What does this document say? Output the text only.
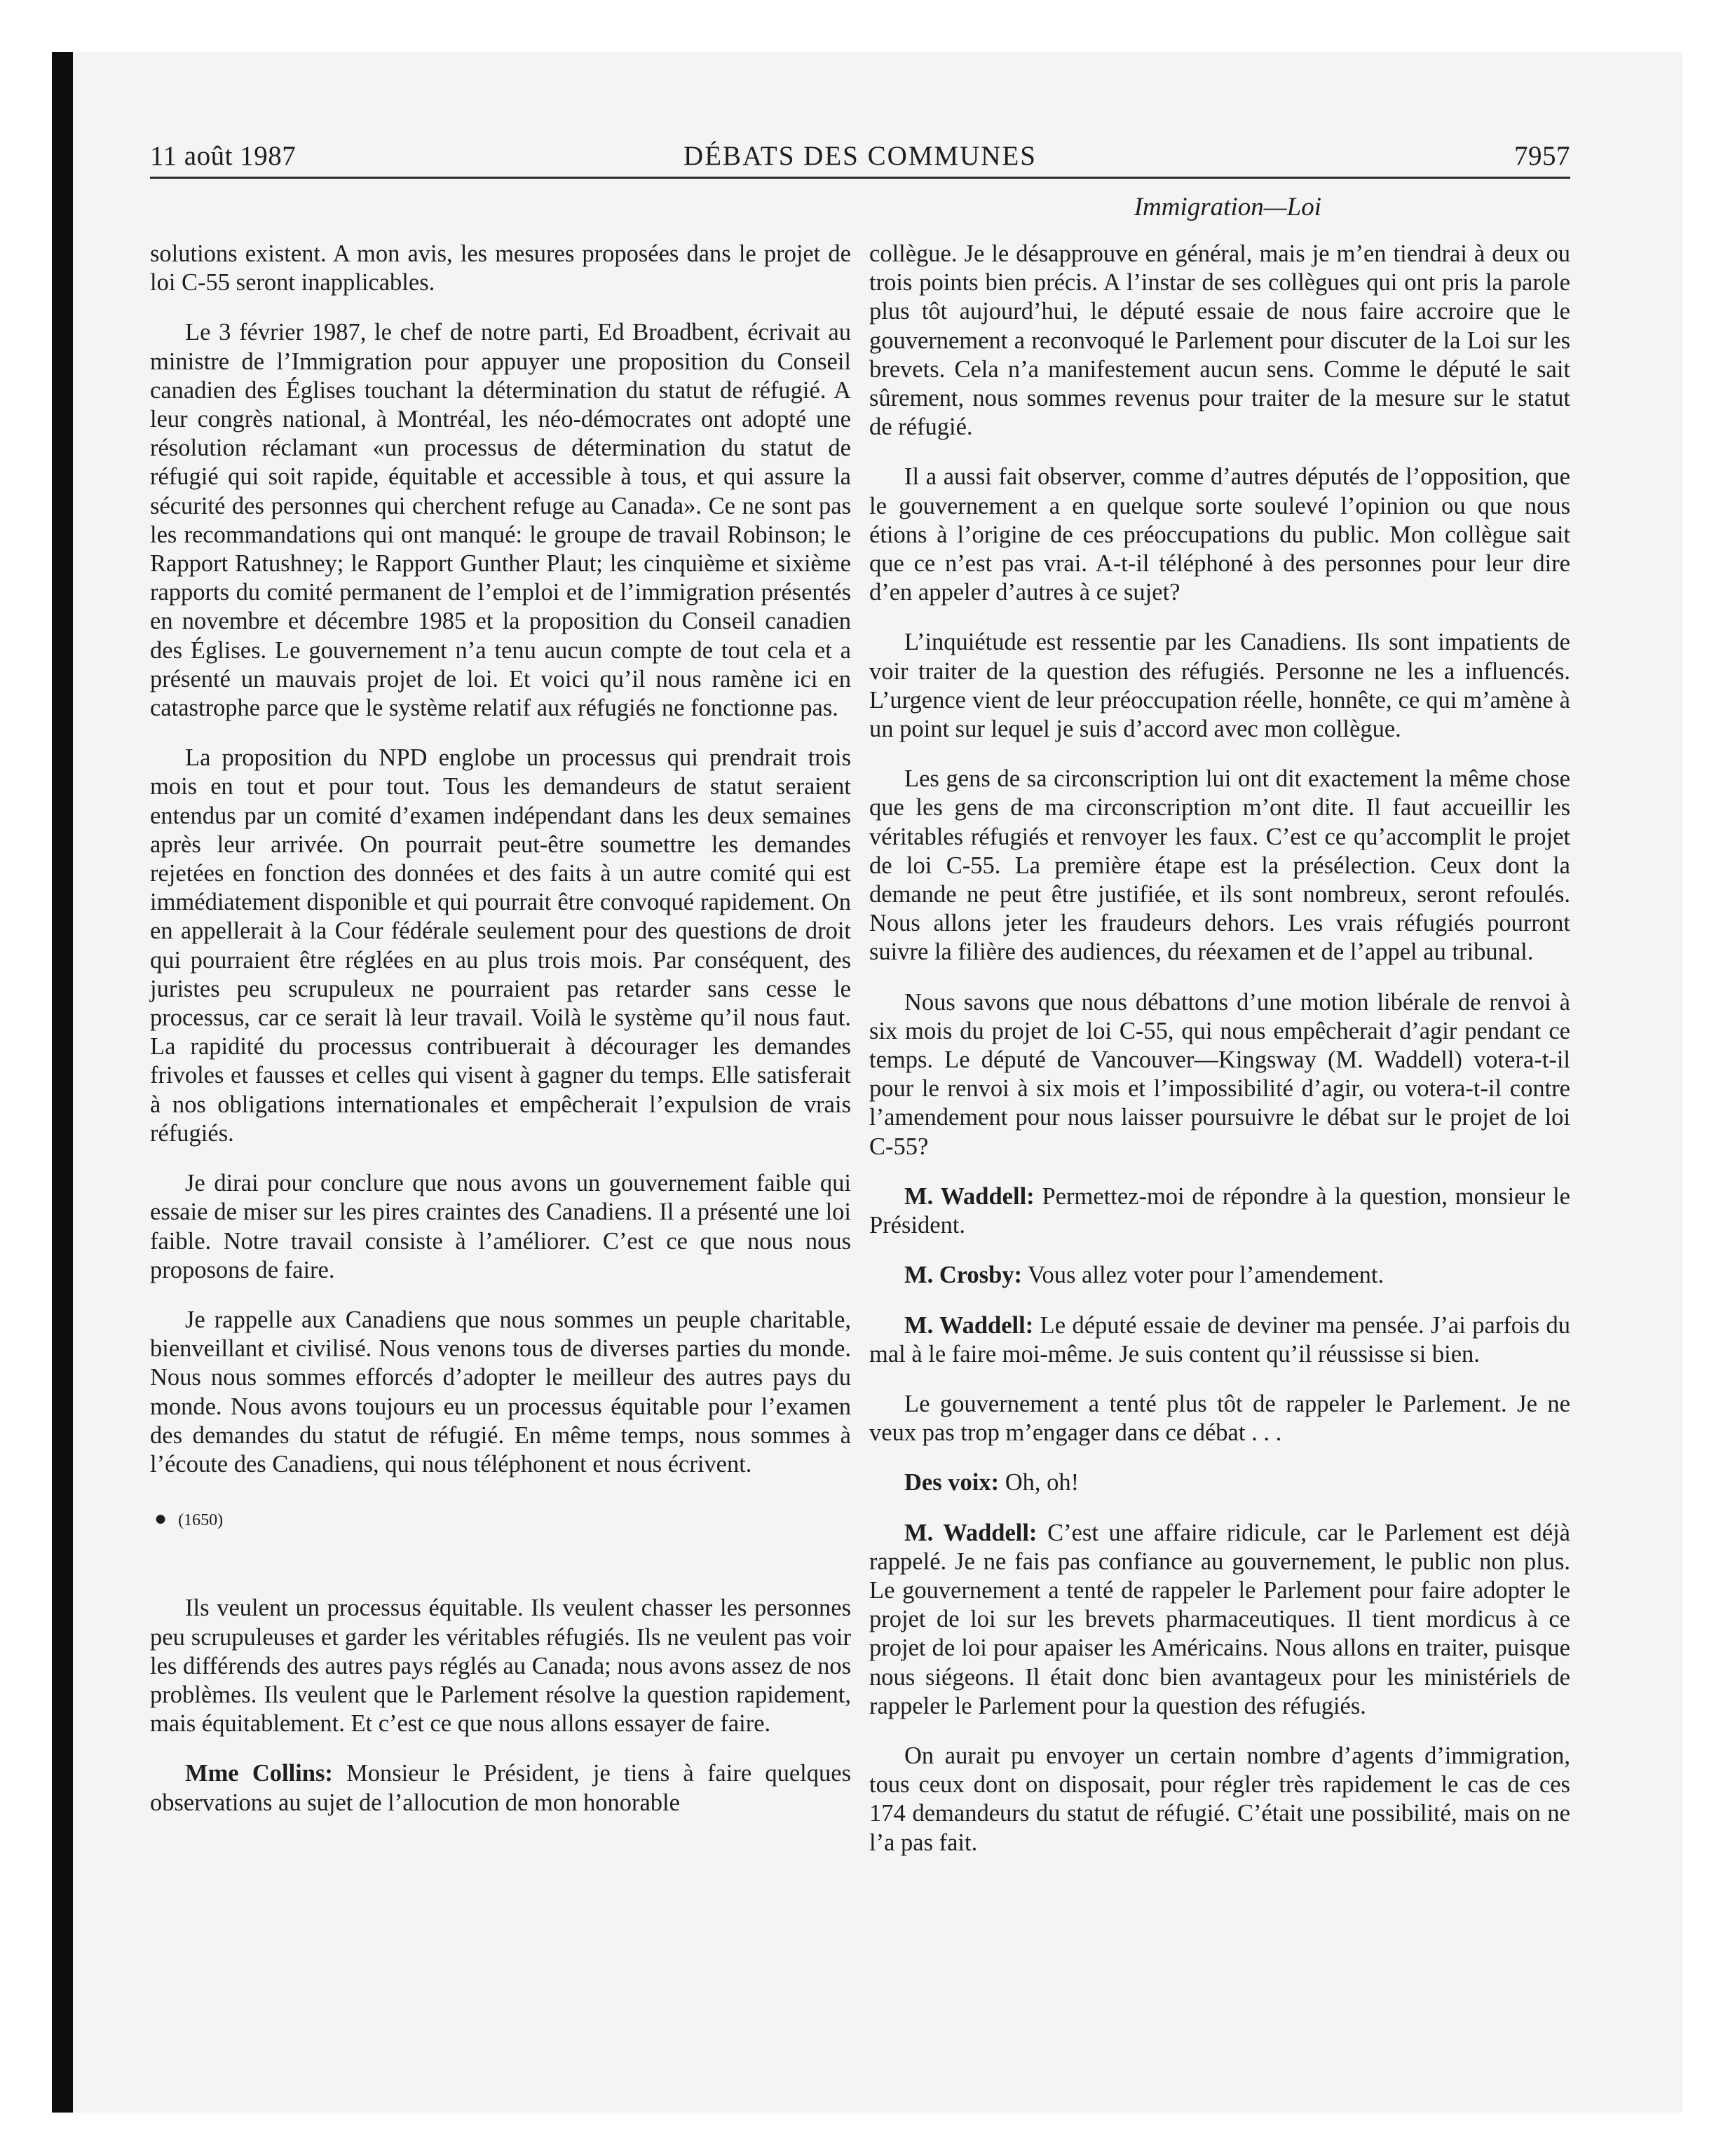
11 août 1987	DÉBATS DES COMMUNES	7957
Immigration—Loi

solutions existent. A mon avis, les mesures proposées dans le projet de loi C-55 seront inapplicables.

Le 3 février 1987, le chef de notre parti, Ed Broadbent, écrivait au ministre de l’Immigration pour appuyer une proposition du Conseil canadien des Églises touchant la détermination du statut de réfugié. A leur congrès national, à Montréal, les néo-démocrates ont adopté une résolution réclamant «un processus de détermination du statut de réfugié qui soit rapide, équitable et accessible à tous, et qui assure la sécurité des personnes qui cherchent refuge au Canada». Ce ne sont pas les recommandations qui ont manqué: le groupe de travail Robinson; le Rapport Ratushney; le Rapport Gunther Plaut; les cinquième et sixième rapports du comité permanent de l’emploi et de l’immigration présentés en novembre et décembre 1985 et la proposition du Conseil canadien des Églises. Le gouvernement n’a tenu aucun compte de tout cela et a présenté un mauvais projet de loi. Et voici qu’il nous ramène ici en catastrophe parce que le système relatif aux réfugiés ne fonctionne pas.

La proposition du NPD englobe un processus qui prendrait trois mois en tout et pour tout. Tous les demandeurs de statut seraient entendus par un comité d’examen indépendant dans les deux semaines après leur arrivée. On pourrait peut-être soumettre les demandes rejetées en fonction des données et des faits à un autre comité qui est immédiatement disponible et qui pourrait être convoqué rapidement. On en appellerait à la Cour fédérale seulement pour des questions de droit qui pourraient être réglées en au plus trois mois. Par conséquent, des juristes peu scrupuleux ne pourraient pas retarder sans cesse le processus, car ce serait là leur travail. Voilà le système qu’il nous faut. La rapidité du processus contribuerait à décourager les demandes frivoles et fausses et celles qui visent à gagner du temps. Elle satisferait à nos obligations internationales et empêcherait l’expulsion de vrais réfugiés.

Je dirai pour conclure que nous avons un gouvernement faible qui essaie de miser sur les pires craintes des Canadiens. Il a présenté une loi faible. Notre travail consiste à l’améliorer. C’est ce que nous nous proposons de faire.

Je rappelle aux Canadiens que nous sommes un peuple charitable, bienveillant et civilisé. Nous venons tous de diverses parties du monde. Nous nous sommes efforcés d’adopter le meilleur des autres pays du monde. Nous avons toujours eu un processus équitable pour l’examen des demandes du statut de réfugié. En même temps, nous sommes à l’écoute des Canadiens, qui nous téléphonent et nous écrivent.

● (1650)

Ils veulent un processus équitable. Ils veulent chasser les personnes peu scrupuleuses et garder les véritables réfugiés. Ils ne veulent pas voir les différends des autres pays réglés au Canada; nous avons assez de nos problèmes. Ils veulent que le Parlement résolve la question rapidement, mais équitablement. Et c’est ce que nous allons essayer de faire.

Mme Collins: Monsieur le Président, je tiens à faire quelques observations au sujet de l’allocution de mon honorable

collègue. Je le désapprouve en général, mais je m’en tiendrai à deux ou trois points bien précis. A l’instar de ses collègues qui ont pris la parole plus tôt aujourd’hui, le député essaie de nous faire accroire que le gouvernement a reconvoqué le Parlement pour discuter de la Loi sur les brevets. Cela n’a manifestement aucun sens. Comme le député le sait sûrement, nous sommes revenus pour traiter de la mesure sur le statut de réfugié.

Il a aussi fait observer, comme d’autres députés de l’opposition, que le gouvernement a en quelque sorte soulevé l’opinion ou que nous étions à l’origine de ces préoccupations du public. Mon collègue sait que ce n’est pas vrai. A-t-il téléphoné à des personnes pour leur dire d’en appeler d’autres à ce sujet?

L’inquiétude est ressentie par les Canadiens. Ils sont impatients de voir traiter de la question des réfugiés. Personne ne les a influencés. L’urgence vient de leur préoccupation réelle, honnête, ce qui m’amène à un point sur lequel je suis d’accord avec mon collègue.

Les gens de sa circonscription lui ont dit exactement la même chose que les gens de ma circonscription m’ont dite. Il faut accueillir les véritables réfugiés et renvoyer les faux. C’est ce qu’accomplit le projet de loi C-55. La première étape est la présélection. Ceux dont la demande ne peut être justifiée, et ils sont nombreux, seront refoulés. Nous allons jeter les fraudeurs dehors. Les vrais réfugiés pourront suivre la filière des audiences, du réexamen et de l’appel au tribunal.

Nous savons que nous débattons d’une motion libérale de renvoi à six mois du projet de loi C-55, qui nous empêcherait d’agir pendant ce temps. Le député de Vancouver—Kingsway (M. Waddell) votera-t-il pour le renvoi à six mois et l’impossibilité d’agir, ou votera-t-il contre l’amendement pour nous laisser poursuivre le débat sur le projet de loi C-55?

M. Waddell: Permettez-moi de répondre à la question, monsieur le Président.

M. Crosby: Vous allez voter pour l’amendement.

M. Waddell: Le député essaie de deviner ma pensée. J’ai parfois du mal à le faire moi-même. Je suis content qu’il réussisse si bien.

Le gouvernement a tenté plus tôt de rappeler le Parlement. Je ne veux pas trop m’engager dans ce débat . . .

Des voix: Oh, oh!

M. Waddell: C’est une affaire ridicule, car le Parlement est déjà rappelé. Je ne fais pas confiance au gouvernement, le public non plus. Le gouvernement a tenté de rappeler le Parlement pour faire adopter le projet de loi sur les brevets pharmaceutiques. Il tient mordicus à ce projet de loi pour apaiser les Américains. Nous allons en traiter, puisque nous siégeons. Il était donc bien avantageux pour les ministériels de rappeler le Parlement pour la question des réfugiés.

On aurait pu envoyer un certain nombre d’agents d’immigration, tous ceux dont on disposait, pour régler très rapidement le cas de ces 174 demandeurs du statut de réfugié. C’était une possibilité, mais on ne l’a pas fait.
